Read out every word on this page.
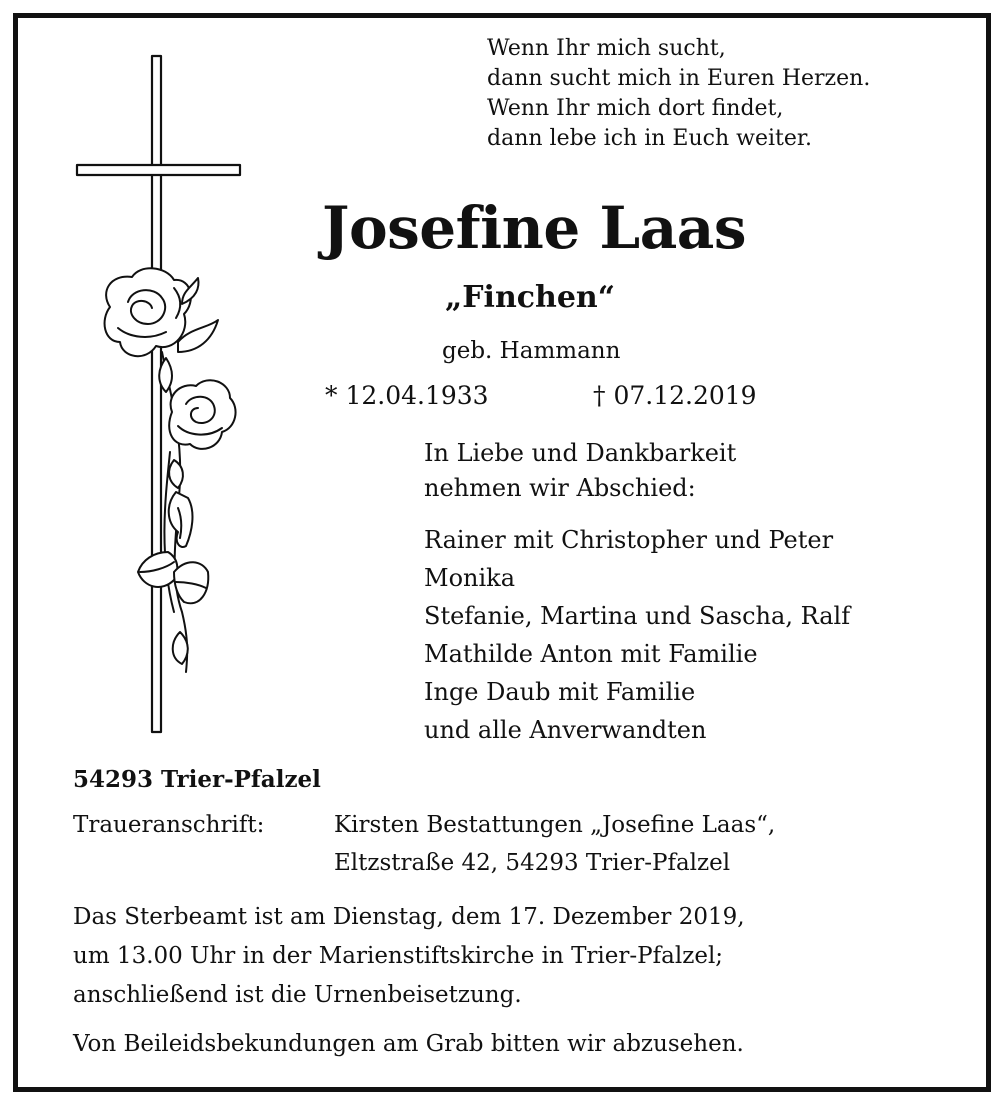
Wenn Ihr mich sucht,
dann sucht mich in Euren Herzen.
Wenn Ihr mich dort findet,
dann lebe ich in Euch weiter.
Josefine Laas
„Finchen“
geb. Hammann
* 12.04.1933	† 07.12.2019
In Liebe und Dankbarkeit
nehmen wir Abschied:
Rainer mit Christopher und Peter
Monika
Stefanie, Martina und Sascha, Ralf
Mathilde Anton mit Familie
Inge Daub mit Familie
und alle Anverwandten
54293 Trier-Pfalzel
Traueranschrift:	Kirsten Bestattungen „Josefine Laas“,
Eltzstraße 42, 54293 Trier-Pfalzel
Das Sterbeamt ist am Dienstag, dem 17. Dezember 2019,
um 13.00 Uhr in der Marienstiftskirche in Trier-Pfalzel;
anschließend ist die Urnenbeisetzung.
Von Beileidsbekundungen am Grab bitten wir abzusehen.
